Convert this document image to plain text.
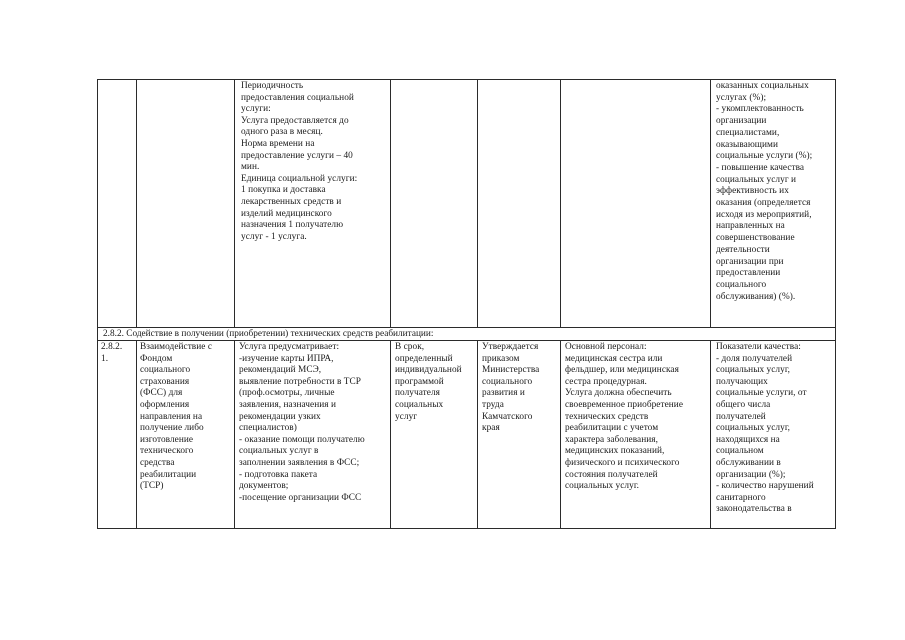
Периодичность
предоставления социальной
услуги:
Услуга предоставляется до
одного раза в месяц.
Норма времени на
предоставление услуги – 40
мин.
Единица социальной услуги:
1 покупка и доставка
лекарственных средств и
изделий медицинского
назначения 1 получателю
услуг - 1 услуга.
оказанных социальных
услугах (%);
- укомплектованность
организации
специалистами,
оказывающими
социальные услуги (%);
- повышение качества
социальных услуг и
эффективность их
оказания (определяется
исходя из мероприятий,
направленных на
совершенствование
деятельности
организации при
предоставлении
социального
обслуживания) (%).
2.8.2. Содействие в получении (приобретении) технических средств реабилитации:
2.8.2.
1.
Взаимодействие с
Фондом
социального
страхования
(ФСС) для
оформления
направления на
получение либо
изготовление
технического
средства
реабилитации
(ТСР)
Услуга предусматривает:
-изучение карты ИПРА,
рекомендаций МСЭ,
выявление потребности в ТСР
(проф.осмотры, личные
заявления, назначения и
рекомендации узких
специалистов)
- оказание помощи получателю
социальных услуг в
заполнении заявления в ФСС;
- подготовка пакета
документов;
-посещение организации ФСС
В срок,
определенный
индивидуальной
программой
получателя
социальных
услуг
Утверждается
приказом
Министерства
социального
развития и
труда
Камчатского
края
Основной персонал:
медицинская сестра или
фельдшер, или медицинская
сестра процедурная.
Услуга должна обеспечить
своевременное приобретение
технических средств
реабилитации с учетом
характера заболевания,
медицинских показаний,
физического и психического
состояния получателей
социальных услуг.
Показатели качества:
- доля получателей
социальных услуг,
получающих
социальные услуги, от
общего числа
получателей
социальных услуг,
находящихся на
социальном
обслуживании в
организации (%);
- количество нарушений
санитарного
законодательства в
